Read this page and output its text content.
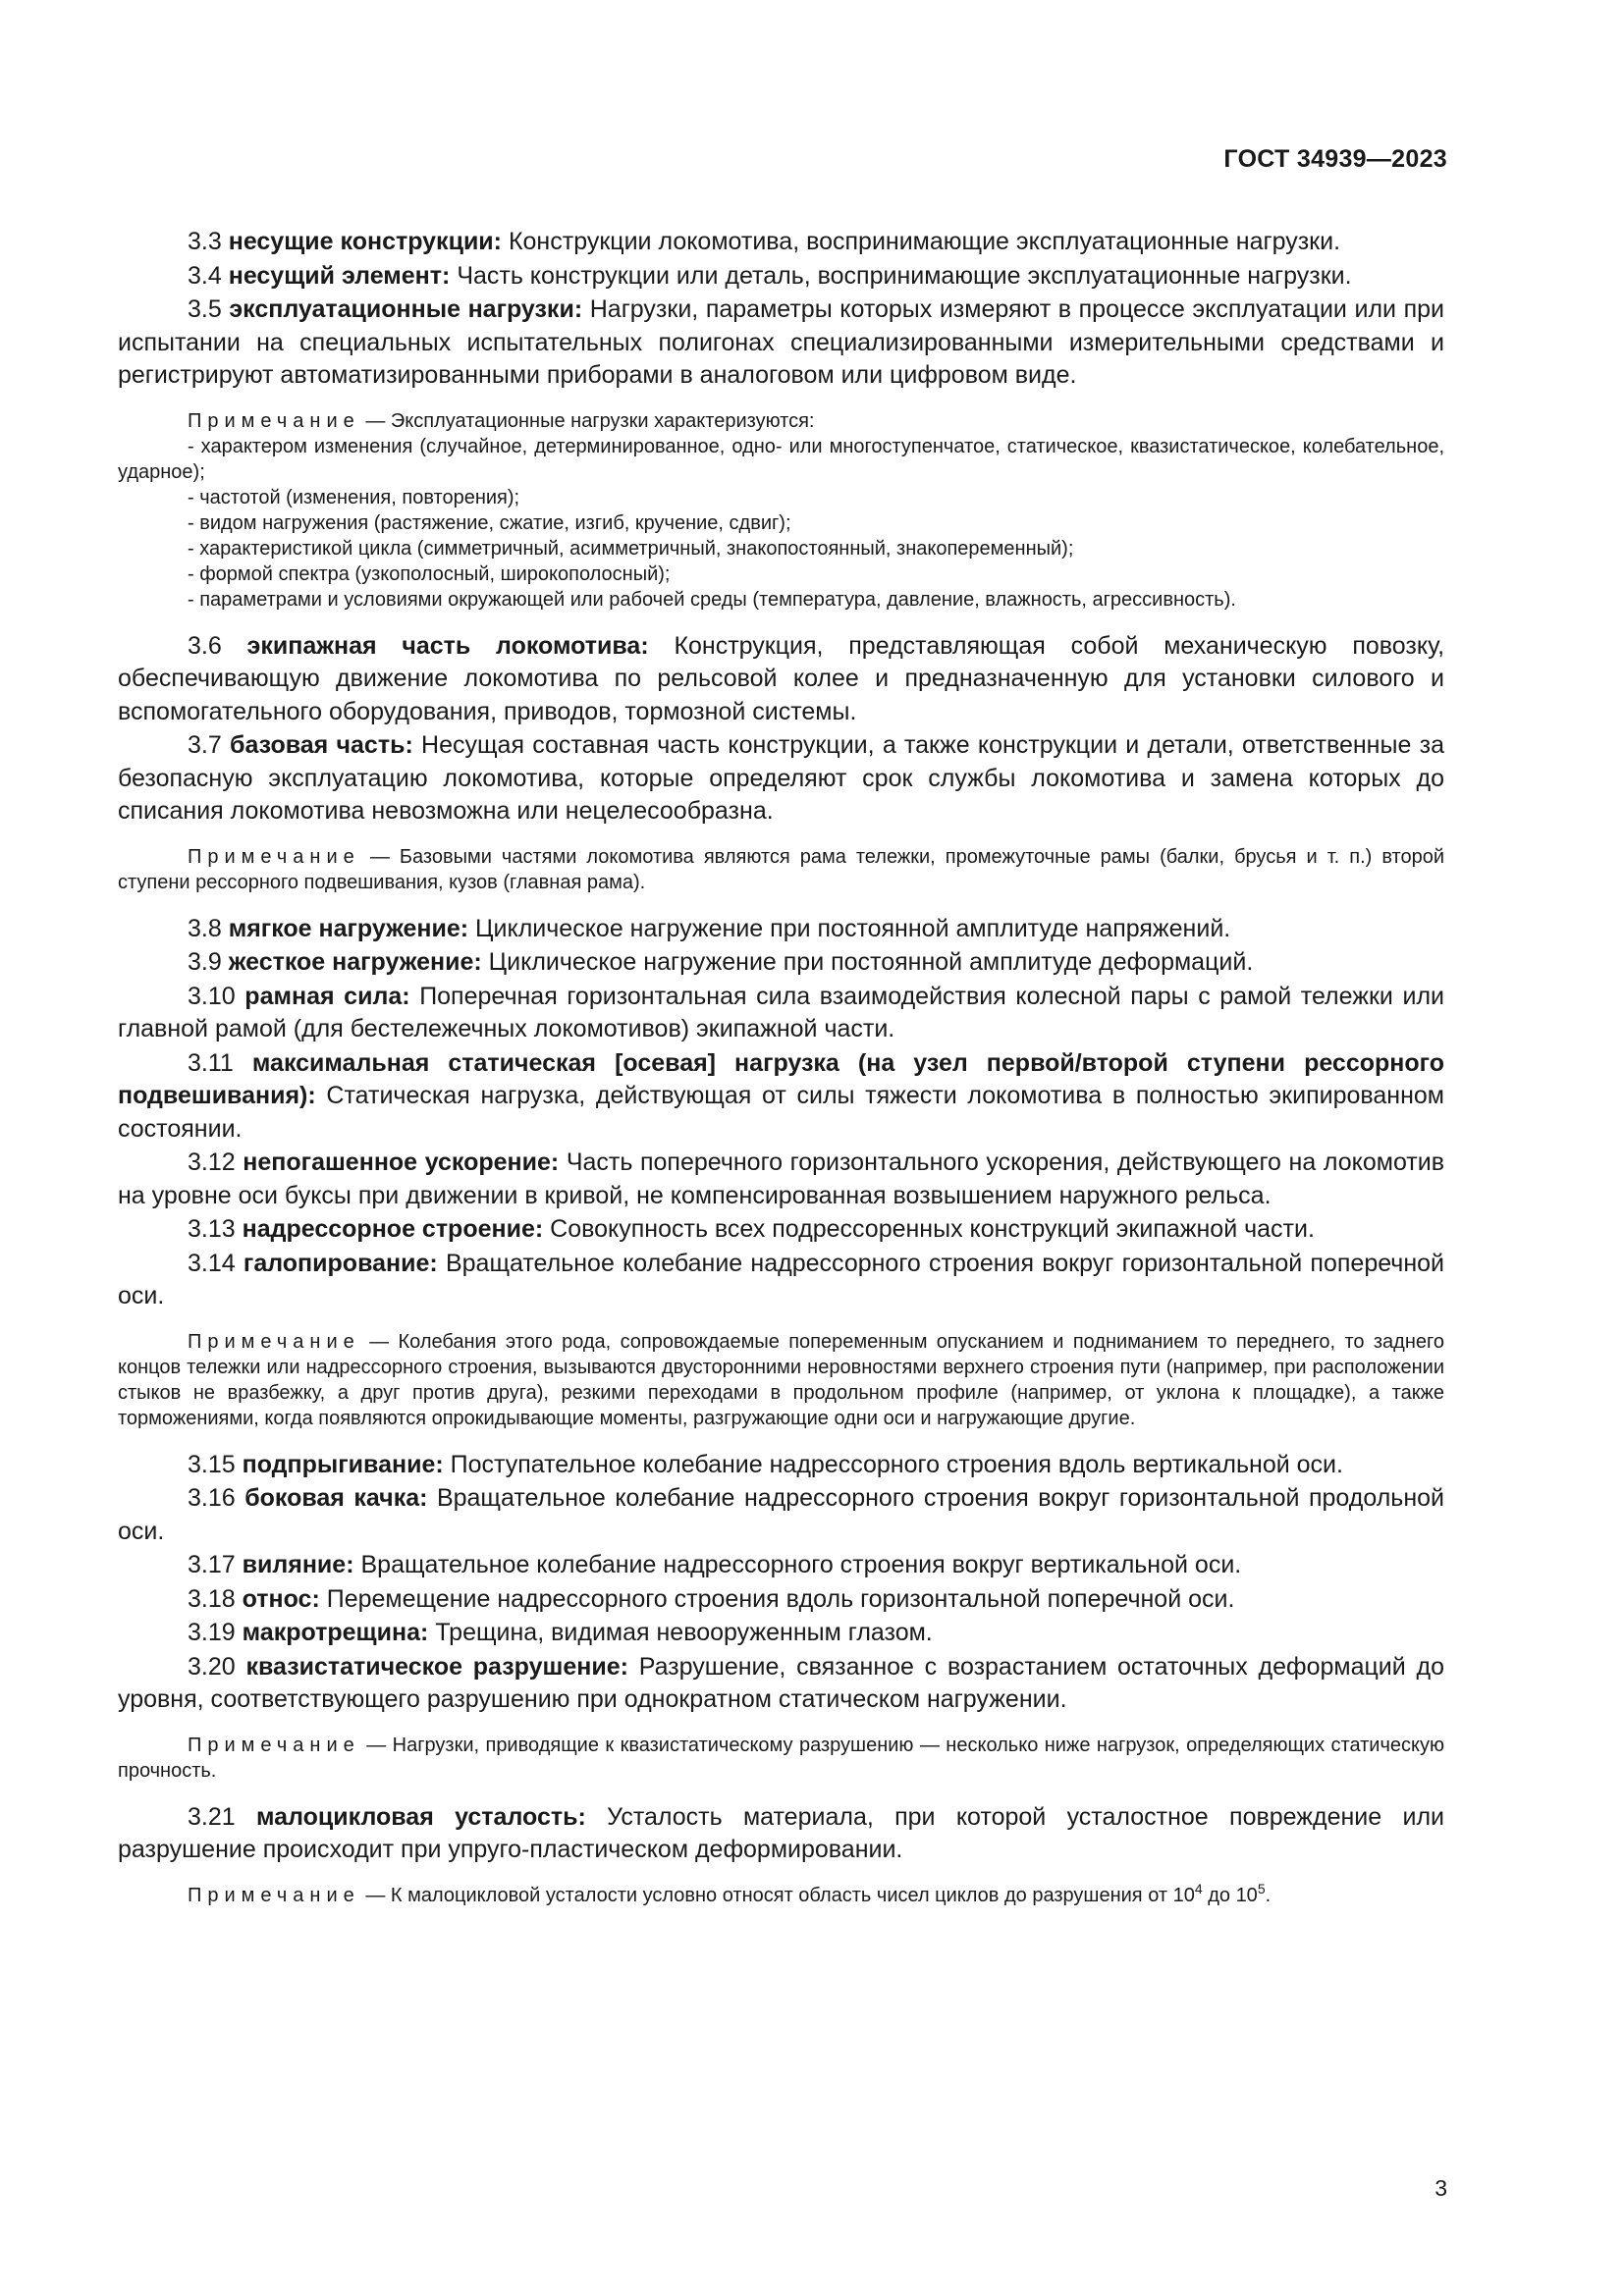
ГОСТ 34939—2023

3.3 несущие конструкции: Конструкции локомотива, воспринимающие эксплуатационные нагрузки.

3.4 несущий элемент: Часть конструкции или деталь, воспринимающие эксплуатационные нагрузки.

3.5 эксплуатационные нагрузки: Нагрузки, параметры которых измеряют в процессе эксплуатации или при испытании на специальных испытательных полигонах специализированными измерительными средствами и регистрируют автоматизированными приборами в аналоговом или цифровом виде.

Примечание — Эксплуатационные нагрузки характеризуются:

- характером изменения (случайное, детерминированное, одно- или многоступенчатое, статическое, квазистатическое, колебательное, ударное);

- частотой (изменения, повторения);

- видом нагружения (растяжение, сжатие, изгиб, кручение, сдвиг);

- характеристикой цикла (симметричный, асимметричный, знакопостоянный, знакопеременный);

- формой спектра (узкополосный, широкополосный);

- параметрами и условиями окружающей или рабочей среды (температура, давление, влажность, агрессивность).

3.6 экипажная часть локомотива: Конструкция, представляющая собой механическую повозку, обеспечивающую движение локомотива по рельсовой колее и предназначенную для установки силового и вспомогательного оборудования, приводов, тормозной системы.

3.7 базовая часть: Несущая составная часть конструкции, а также конструкции и детали, ответственные за безопасную эксплуатацию локомотива, которые определяют срок службы локомотива и замена которых до списания локомотива невозможна или нецелесообразна.

Примечание — Базовыми частями локомотива являются рама тележки, промежуточные рамы (балки, брусья и т. п.) второй ступени рессорного подвешивания, кузов (главная рама).

3.8 мягкое нагружение: Циклическое нагружение при постоянной амплитуде напряжений.

3.9 жесткое нагружение: Циклическое нагружение при постоянной амплитуде деформаций.

3.10 рамная сила: Поперечная горизонтальная сила взаимодействия колесной пары с рамой тележки или главной рамой (для бестележечных локомотивов) экипажной части.

3.11 максимальная статическая [осевая] нагрузка (на узел первой/второй ступени рессорного подвешивания): Статическая нагрузка, действующая от силы тяжести локомотива в полностью экипированном состоянии.

3.12 непогашенное ускорение: Часть поперечного горизонтального ускорения, действующего на локомотив на уровне оси буксы при движении в кривой, не компенсированная возвышением наружного рельса.

3.13 надрессорное строение: Совокупность всех подрессоренных конструкций экипажной части.

3.14 галопирование: Вращательное колебание надрессорного строения вокруг горизонтальной поперечной оси.

Примечание — Колебания этого рода, сопровождаемые попеременным опусканием и подниманием то переднего, то заднего концов тележки или надрессорного строения, вызываются двусторонними неровностями верхнего строения пути (например, при расположении стыков не вразбежку, а друг против друга), резкими переходами в продольном профиле (например, от уклона к площадке), а также торможениями, когда появляются опрокидывающие моменты, разгружающие одни оси и нагружающие другие.

3.15 подпрыгивание: Поступательное колебание надрессорного строения вдоль вертикальной оси.

3.16 боковая качка: Вращательное колебание надрессорного строения вокруг горизонтальной продольной оси.

3.17 виляние: Вращательное колебание надрессорного строения вокруг вертикальной оси.

3.18 относ: Перемещение надрессорного строения вдоль горизонтальной поперечной оси.

3.19 макротрещина: Трещина, видимая невооруженным глазом.

3.20 квазистатическое разрушение: Разрушение, связанное с возрастанием остаточных деформаций до уровня, соответствующего разрушению при однократном статическом нагружении.

Примечание — Нагрузки, приводящие к квазистатическому разрушению — несколько ниже нагрузок, определяющих статическую прочность.

3.21 малоцикловая усталость: Усталость материала, при которой усталостное повреждение или разрушение происходит при упруго-пластическом деформировании.

Примечание — К малоцикловой усталости условно относят область чисел циклов до разрушения от $10^4$ до $10^5$.

3
